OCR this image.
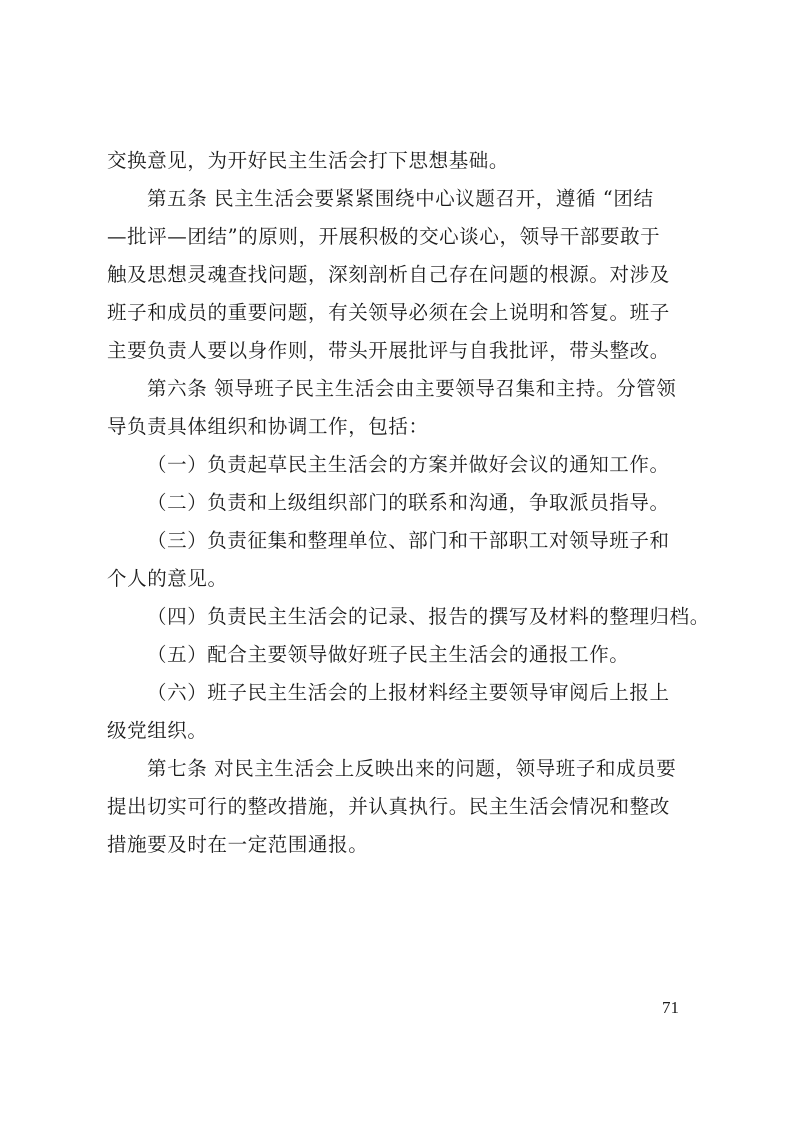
交换意见，为开好民主生活会打下思想基础。
第五条 民主生活会要紧紧围绕中心议题召开，遵循 “团结
—批评—团结”的原则，开展积极的交心谈心，领导干部要敢于
触及思想灵魂查找问题，深刻剖析自己存在问题的根源。对涉及
班子和成员的重要问题，有关领导必须在会上说明和答复。班子
主要负责人要以身作则，带头开展批评与自我批评，带头整改。
第六条 领导班子民主生活会由主要领导召集和主持。分管领
导负责具体组织和协调工作，包括：
（一）负责起草民主生活会的方案并做好会议的通知工作。
（二）负责和上级组织部门的联系和沟通，争取派员指导。
（三）负责征集和整理单位、部门和干部职工对领导班子和
个人的意见。
（四）负责民主生活会的记录、报告的撰写及材料的整理归档。
（五）配合主要领导做好班子民主生活会的通报工作。
（六）班子民主生活会的上报材料经主要领导审阅后上报上
级党组织。
第七条 对民主生活会上反映出来的问题，领导班子和成员要
提出切实可行的整改措施，并认真执行。民主生活会情况和整改
措施要及时在一定范围通报。
71
